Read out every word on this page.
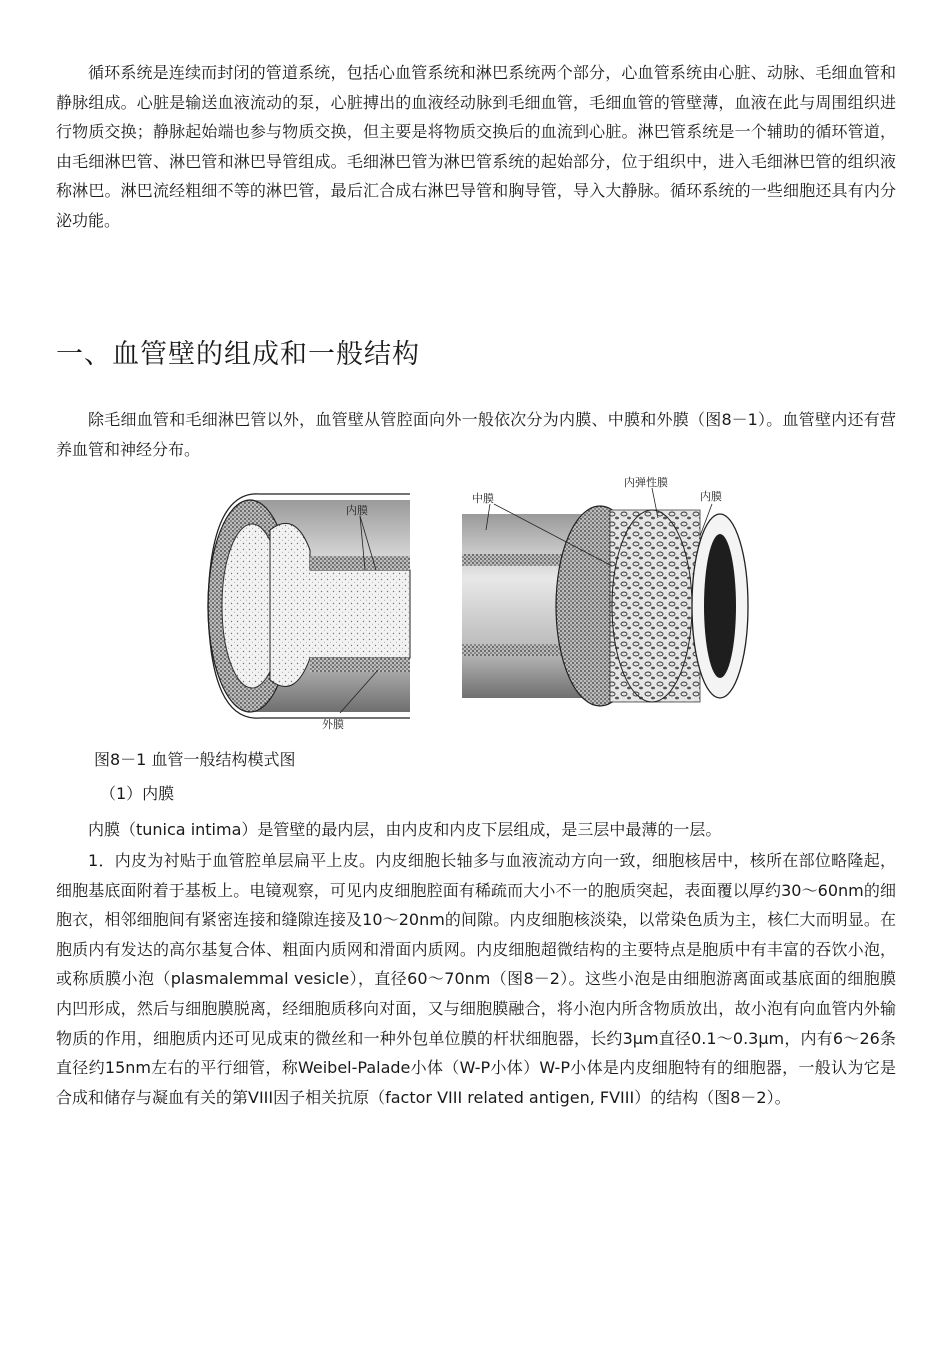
循环系统是连续而封闭的管道系统，包括心血管系统和淋巴系统两个部分，心血管系统由心脏、动脉、毛细血管和静脉组成。心脏是输送血液流动的泵，心脏搏出的血液经动脉到毛细血管，毛细血管的管壁薄，血液在此与周围组织进行物质交换；静脉起始端也参与物质交换，但主要是将物质交换后的血流到心脏。淋巴管系统是一个辅助的循环管道，由毛细淋巴管、淋巴管和淋巴导管组成。毛细淋巴管为淋巴管系统的起始部分，位于组织中，进入毛细淋巴管的组织液称淋巴。淋巴流经粗细不等的淋巴管，最后汇合成右淋巴导管和胸导管，导入大静脉。循环系统的一些细胞还具有内分泌功能。

一、血管壁的组成和一般结构

除毛细血管和毛细淋巴管以外，血管壁从管腔面向外一般依次分为内膜、中膜和外膜（图8－1）。血管壁内还有营养血管和神经分布。

内膜
外膜
中膜
内弹性膜
内膜

图8－1 血管一般结构模式图

（1）内膜

内膜（tunica intima）是管壁的最内层，由内皮和内皮下层组成，是三层中最薄的一层。

1．内皮为衬贴于血管腔单层扁平上皮。内皮细胞长轴多与血液流动方向一致，细胞核居中，核所在部位略隆起，细胞基底面附着于基板上。电镜观察，可见内皮细胞腔面有稀疏而大小不一的胞质突起，表面覆以厚约30～60nm的细胞衣，相邻细胞间有紧密连接和缝隙连接及10～20nm的间隙。内皮细胞核淡染，以常染色质为主，核仁大而明显。在胞质内有发达的高尔基复合体、粗面内质网和滑面内质网。内皮细胞超微结构的主要特点是胞质中有丰富的吞饮小泡，或称质膜小泡（plasmalemmal vesicle），直径60～70nm（图8－2）。这些小泡是由细胞游离面或基底面的细胞膜内凹形成，然后与细胞膜脱离，经细胞质移向对面，又与细胞膜融合，将小泡内所含物质放出，故小泡有向血管内外输物质的作用，细胞质内还可见成束的微丝和一种外包单位膜的杆状细胞器，长约3μm直径0.1～0.3μm，内有6～26条直径约15nm左右的平行细管，称Weibel-Palade小体（W-P小体）W-P小体是内皮细胞特有的细胞器，一般认为它是合成和储存与凝血有关的第VIII因子相关抗原（factor VIII related antigen, FVIII）的结构（图8－2）。
